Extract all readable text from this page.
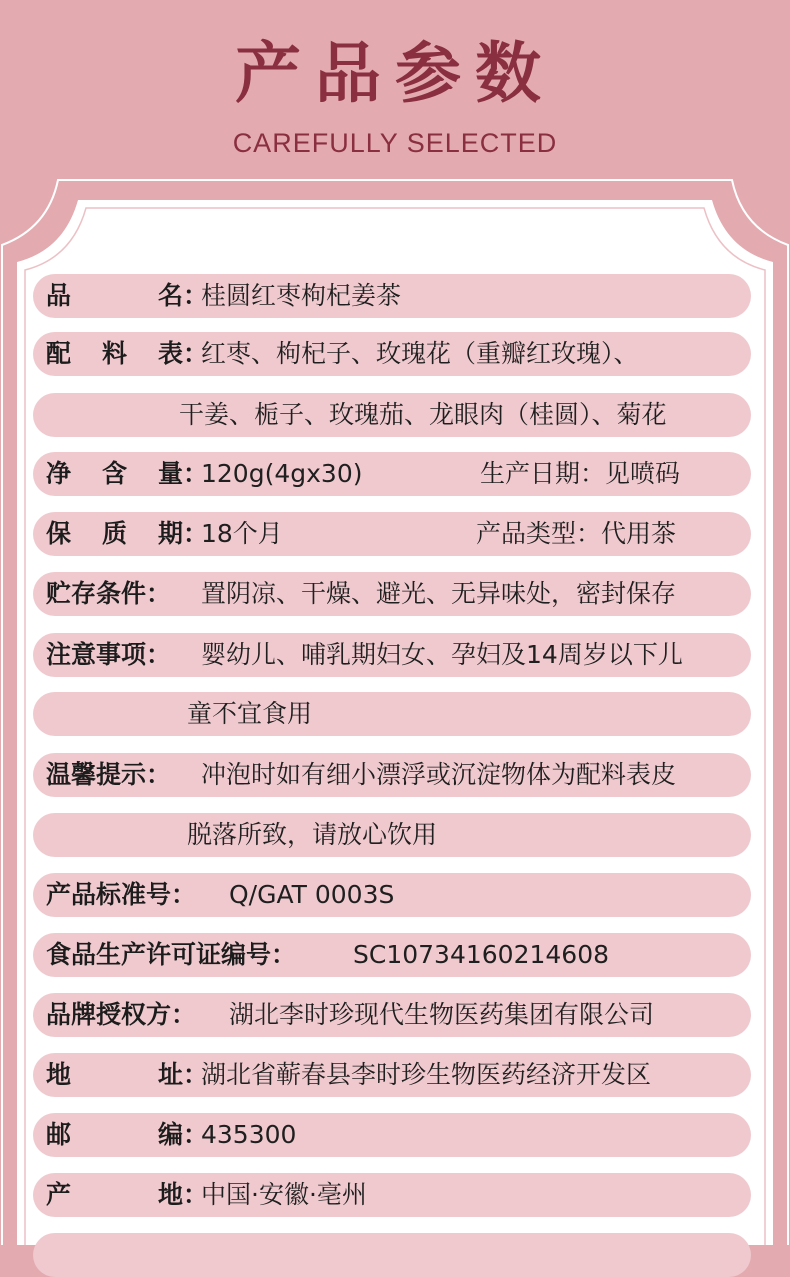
产品参数
CAREFULLY SELECTED
品	名：
桂圆红枣枸杞姜茶
配 料 表：
红枣、枸杞子、玫瑰花（重瓣红玫瑰）、
干姜、栀子、玫瑰茄、龙眼肉（桂圆）、菊花
净 含 量：
120g(4gx30)	生产日期：见喷码
保 质 期：
18个月	产品类型：代用茶
贮存条件： 置阴凉、干燥、避光、无异味处，密封保存
注意事项： 婴幼儿、哺乳期妇女、孕妇及14周岁以下儿
童不宜食用
温馨提示： 冲泡时如有细小漂浮或沉淀物体为配料表皮
脱落所致，请放心饮用
产品标准号： Q/GAT 0003S
食品生产许可证编号： SC10734160214608
品牌授权方： 湖北李时珍现代生物医药集团有限公司
地	址：
湖北省蕲春县李时珍生物医药经济开发区
邮	编：
435300
产	地：
中国·安徽·亳州
